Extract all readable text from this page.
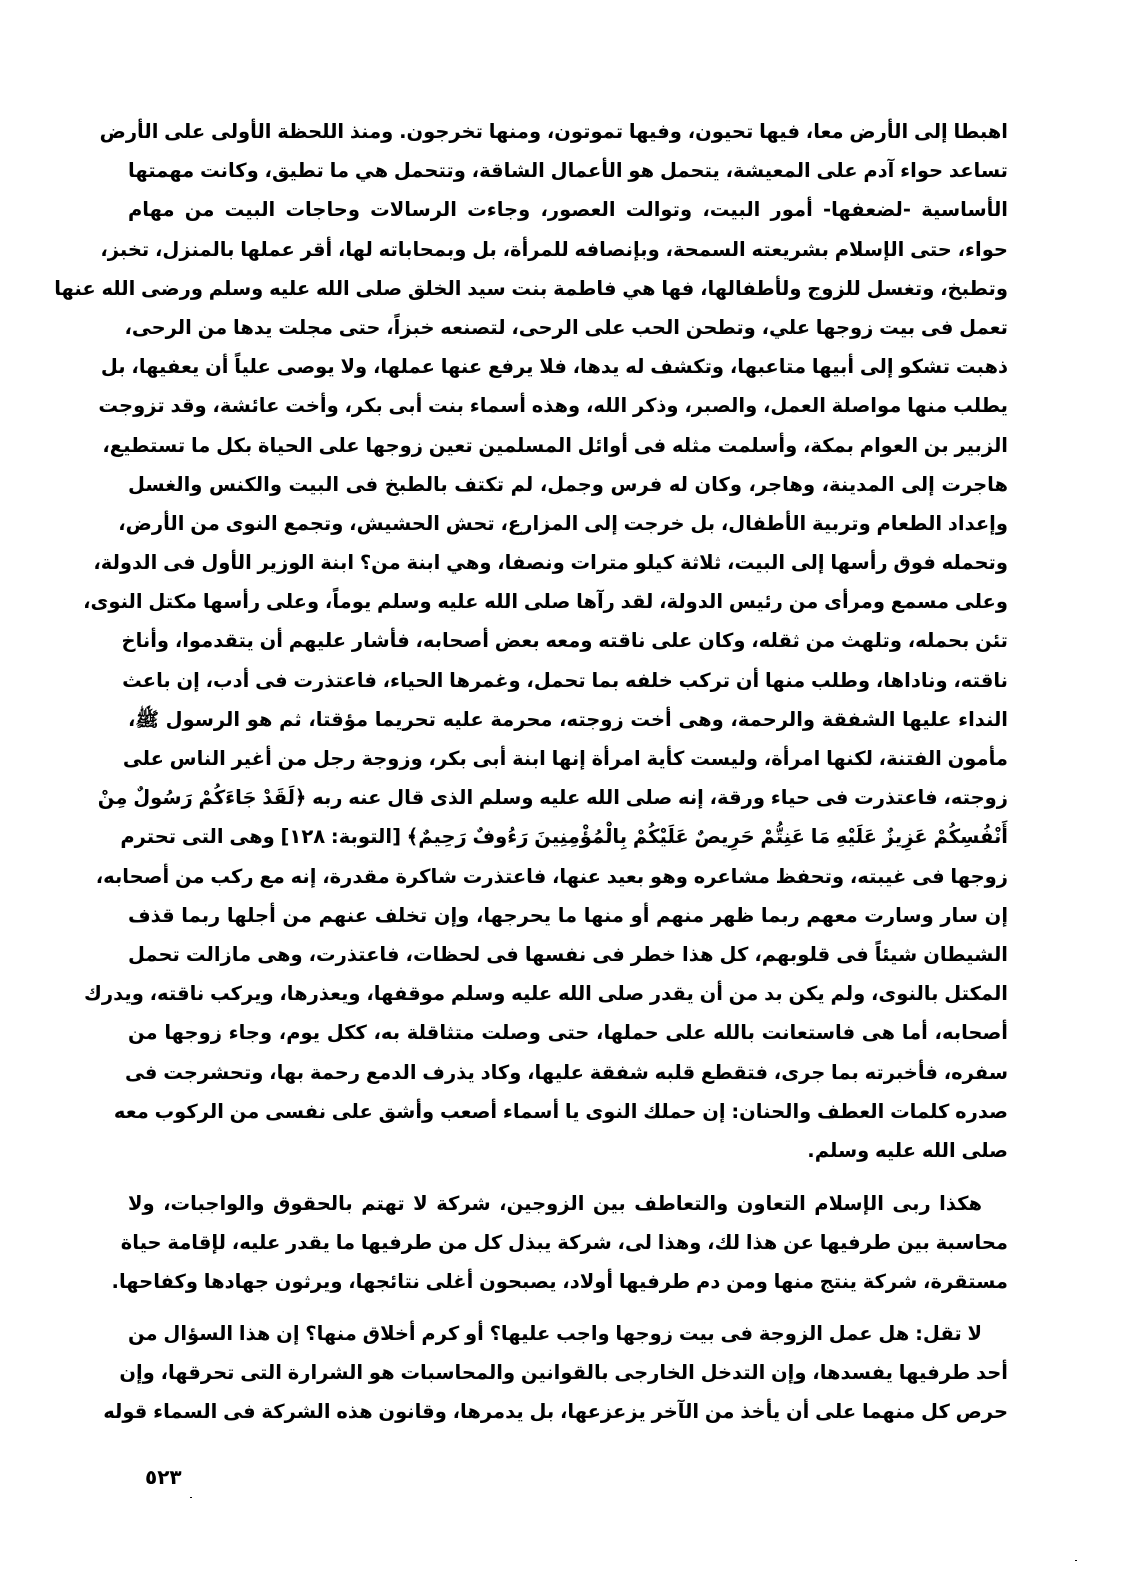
اهبطا إلى الأرض معا، فيها تحيون، وفيها تموتون، ومنها تخرجون. ومنذ اللحظة الأولى على الأرض
تساعد حواء آدم على المعيشة، يتحمل هو الأعمال الشاقة، وتتحمل هي ما تطيق، وكانت مهمتها
الأساسية -لضعفها- أمور البيت، وتوالت العصور، وجاءت الرسالات وحاجات البيت من مهام
حواء، حتى الإسلام بشريعته السمحة، وبإنصافه للمرأة، بل وبمحاباته لها، أقر عملها بالمنزل، تخبز،
وتطبخ، وتغسل للزوج ولأطفالها، فها هي فاطمة بنت سيد الخلق صلى الله عليه وسلم ورضى الله عنها
تعمل فى بيت زوجها علي، وتطحن الحب على الرحى، لتصنعه خبزاً، حتى مجلت يدها من الرحى،
ذهبت تشكو إلى أبيها متاعبها، وتكشف له يدها، فلا يرفع عنها عملها، ولا يوصى علياً أن يعفيها، بل
يطلب منها مواصلة العمل، والصبر، وذكر الله، وهذه أسماء بنت أبى بكر، وأخت عائشة، وقد تزوجت
الزبير بن العوام بمكة، وأسلمت مثله فى أوائل المسلمين تعين زوجها على الحياة بكل ما تستطيع،
هاجرت إلى المدينة، وهاجر، وكان له فرس وجمل، لم تكتف بالطبخ فى البيت والكنس والغسل
وإعداد الطعام وتربية الأطفال، بل خرجت إلى المزارع، تحش الحشيش، وتجمع النوى من الأرض،
وتحمله فوق رأسها إلى البيت، ثلاثة كيلو مترات ونصفا، وهي ابنة من؟ ابنة الوزير الأول فى الدولة،
وعلى مسمع ومرأى من رئيس الدولة، لقد رآها صلى الله عليه وسلم يوماً، وعلى رأسها مكتل النوى،
تئن بحمله، وتلهث من ثقله، وكان على ناقته ومعه بعض أصحابه، فأشار عليهم أن يتقدموا، وأناخ
ناقته، وناداها، وطلب منها أن تركب خلفه بما تحمل، وغمرها الحياء، فاعتذرت فى أدب، إن باعث
النداء عليها الشفقة والرحمة، وهى أخت زوجته، محرمة عليه تحريما مؤقتا، ثم هو الرسول ﷺ،
مأمون الفتنة، لكنها امرأة، وليست كأية امرأة إنها ابنة أبى بكر، وزوجة رجل من أغير الناس على
زوجته، فاعتذرت فى حياء ورقة، إنه صلى الله عليه وسلم الذى قال عنه ربه ﴿لَقَدْ جَاءَكُمْ رَسُولٌ مِنْ
أَنْفُسِكُمْ عَزِيزٌ عَلَيْهِ مَا عَنِتُّمْ حَرِيصٌ عَلَيْكُمْ بِالْمُؤْمِنِينَ رَءُوفٌ رَحِيمٌ﴾ [التوبة: ١٢٨] وهى التى تحترم
زوجها فى غيبته، وتحفظ مشاعره وهو بعيد عنها، فاعتذرت شاكرة مقدرة، إنه مع ركب من أصحابه،
إن سار وسارت معهم ربما ظهر منهم أو منها ما يحرجها، وإن تخلف عنهم من أجلها ربما قذف
الشيطان شيئاً فى قلوبهم، كل هذا خطر فى نفسها فى لحظات، فاعتذرت، وهى مازالت تحمل
المكتل بالنوى، ولم يكن بد من أن يقدر صلى الله عليه وسلم موقفها، ويعذرها، ويركب ناقته، ويدرك
أصحابه، أما هى فاستعانت بالله على حملها، حتى وصلت متثاقلة به، ككل يوم، وجاء زوجها من
سفره، فأخبرته بما جرى، فتقطع قلبه شفقة عليها، وكاد يذرف الدمع رحمة بها، وتحشرجت فى
صدره كلمات العطف والحنان: إن حملك النوى يا أسماء أصعب وأشق على نفسى من الركوب معه
صلى الله عليه وسلم.
هكذا ربى الإسلام التعاون والتعاطف بين الزوجين، شركة لا تهتم بالحقوق والواجبات، ولا
محاسبة بين طرفيها عن هذا لك، وهذا لى، شركة يبذل كل من طرفيها ما يقدر عليه، لإقامة حياة
مستقرة، شركة ينتج منها ومن دم طرفيها أولاد، يصبحون أغلى نتائجها، ويرثون جهادها وكفاحها.
لا تقل: هل عمل الزوجة فى بيت زوجها واجب عليها؟ أو كرم أخلاق منها؟ إن هذا السؤال من
أحد طرفيها يفسدها، وإن التدخل الخارجى بالقوانين والمحاسبات هو الشرارة التى تحرقها، وإن
حرص كل منهما على أن يأخذ من الآخر يزعزعها، بل يدمرها، وقانون هذه الشركة فى السماء قوله
٥٢٣
